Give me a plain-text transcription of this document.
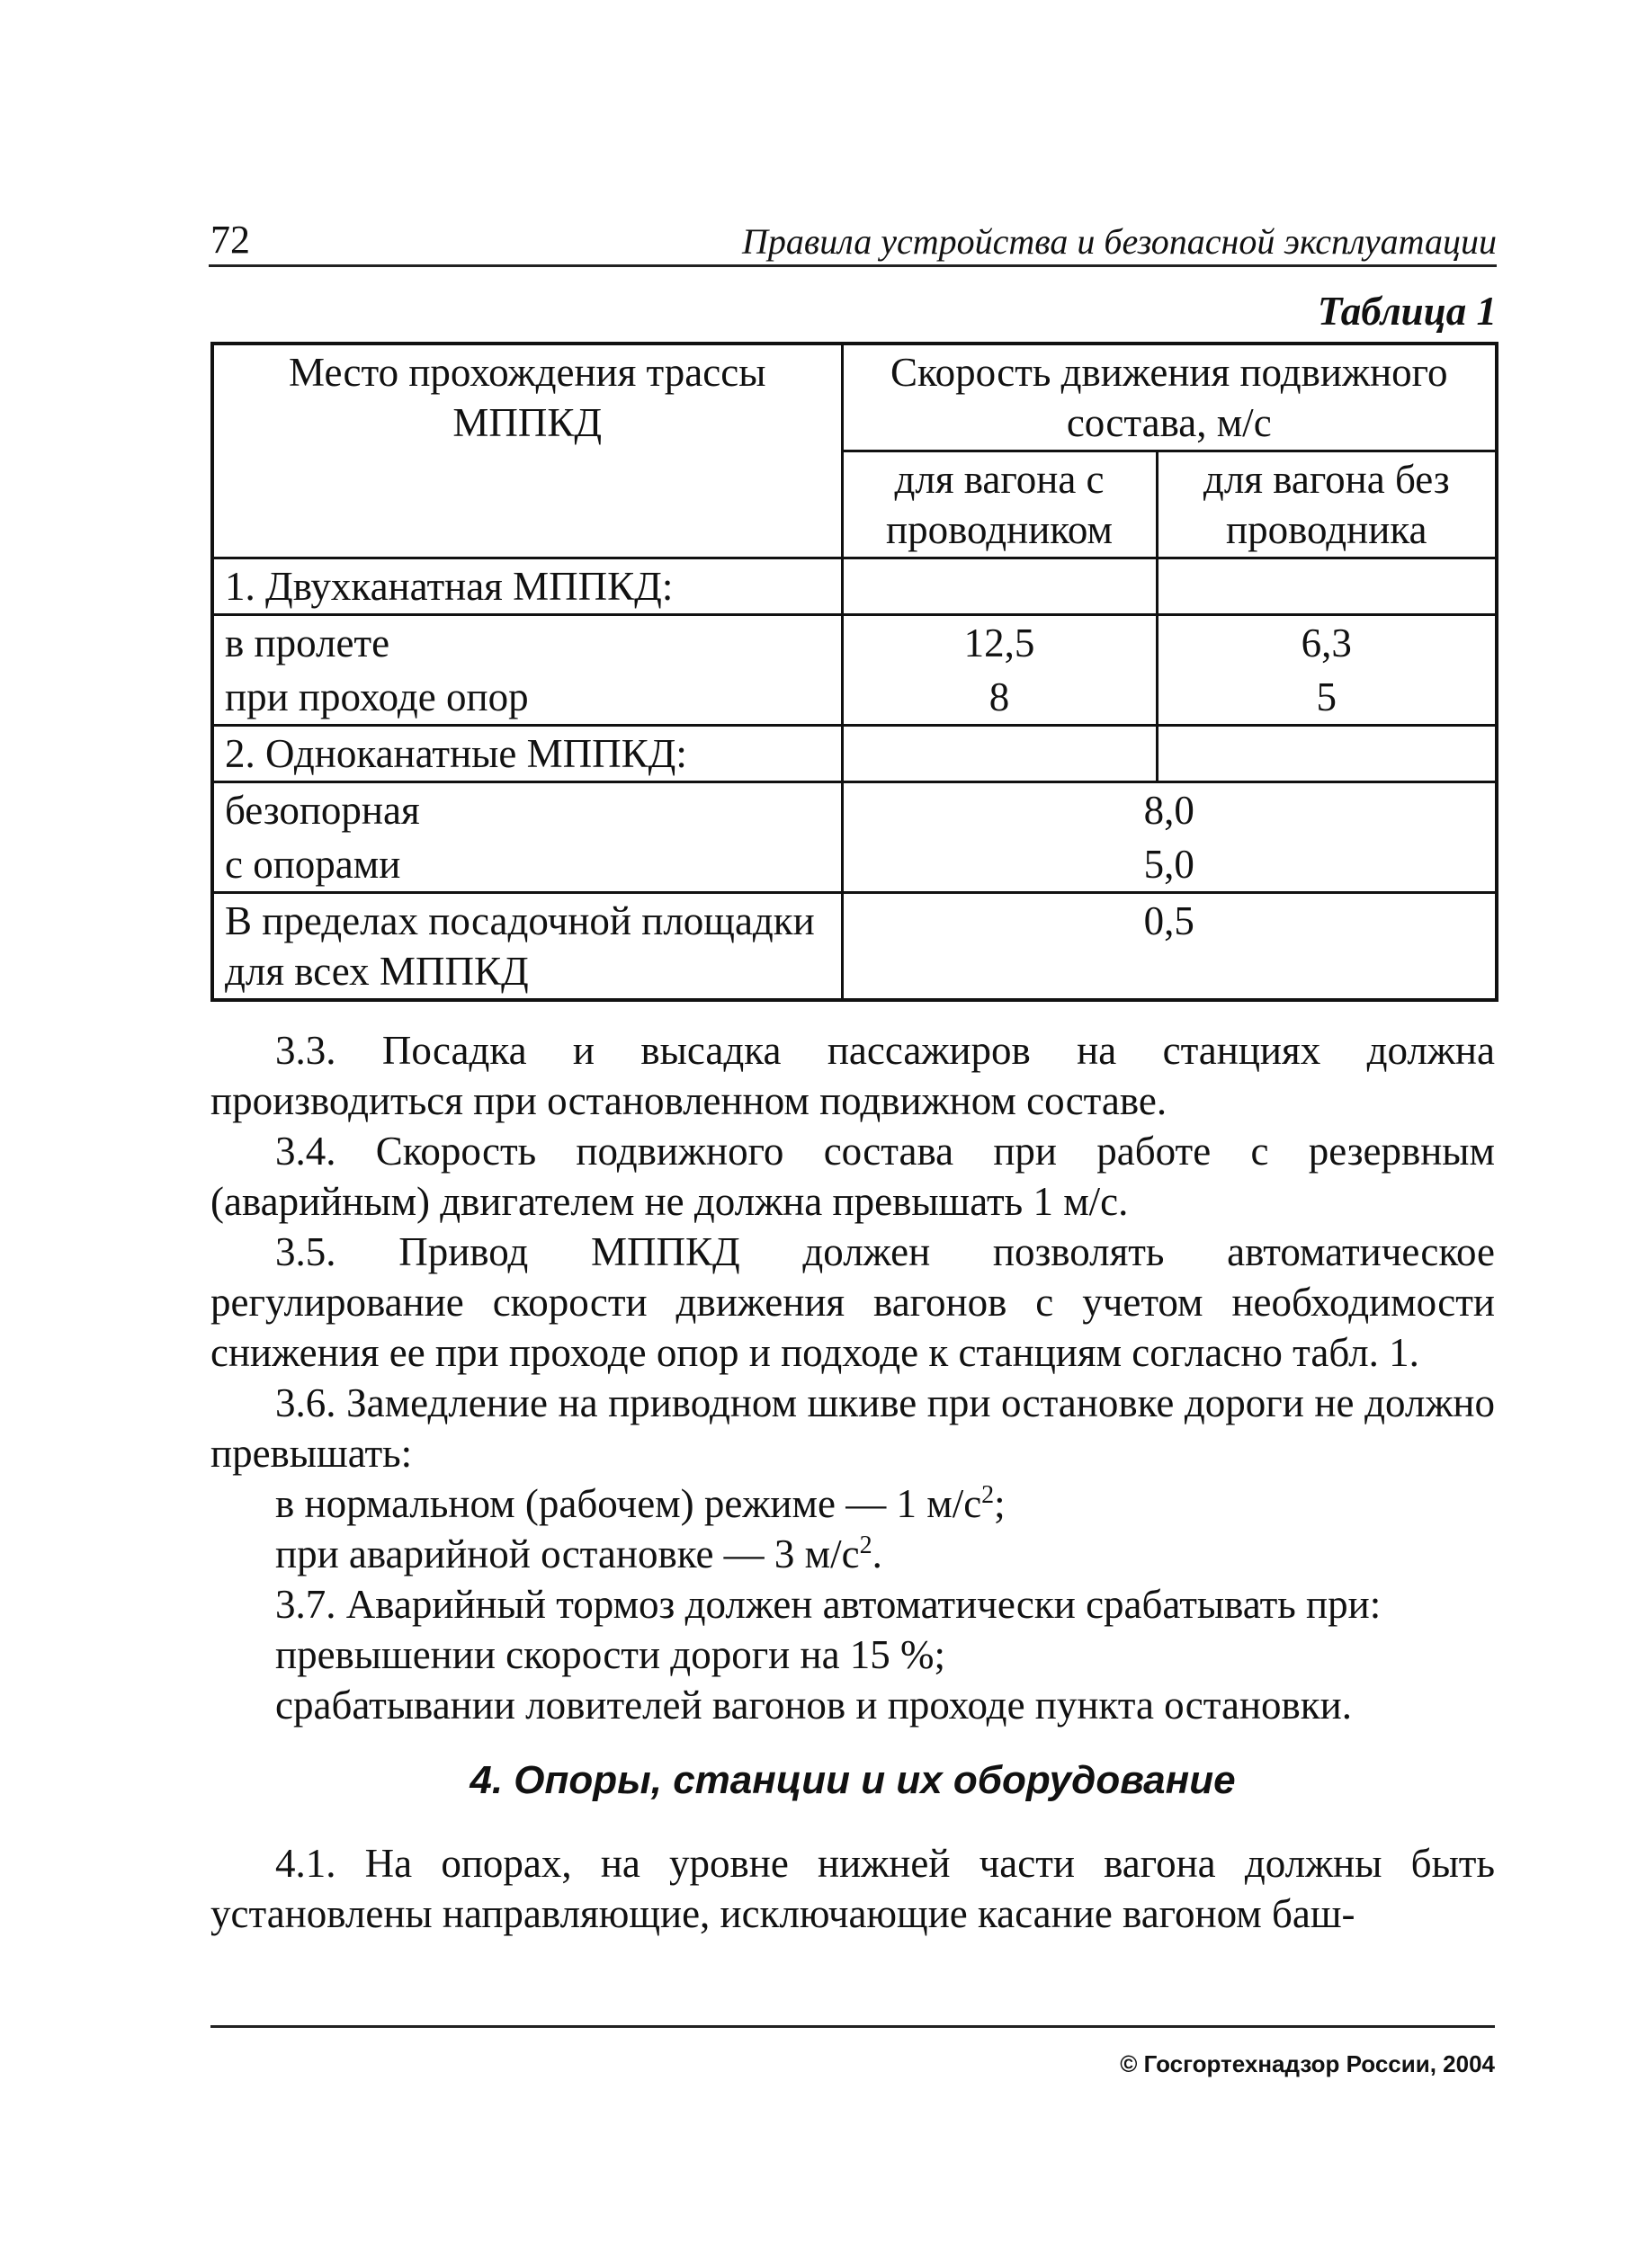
72	Правила устройства и безопасной эксплуатации
Таблица 1
Место прохождения трассы МППКД	Скорость движения подвижного состава, м/с	
	для вагона с проводником	для вагона без проводника
1. Двухканатная МППКД:		
в пролете	12,5	6,3
при проходе опор	8	5
2. Одноканатные МППКД:		
безопорная	8,0	
с опорами	5,0	
В пределах посадочной площадки для всех МППКД	0,5	

3.3. Посадка и высадка пассажиров на станциях должна производиться при остановленном подвижном составе.

3.4. Скорость подвижного состава при работе с резервным (аварийным) двигателем не должна превышать 1 м/с.

3.5. Привод МППКД должен позволять автоматическое регулирование скорости движения вагонов с учетом необходимости снижения ее при проходе опор и подходе к станциям согласно табл. 1.

3.6. Замедление на приводном шкиве при остановке дороги не должно превышать:

в нормальном (рабочем) режиме — 1 $м/с^2$;

при аварийной остановке — 3 $м/с^2$.

3.7. Аварийный тормоз должен автоматически срабатывать при:

превышении скорости дороги на 15 %;

срабатывании ловителей вагонов и проходе пункта остановки.

4. Опоры, станции и их оборудование

4.1. На опорах, на уровне нижней части вагона должны быть установлены направляющие, исключающие касание вагоном баш-

© Госгортехнадзор России, 2004
